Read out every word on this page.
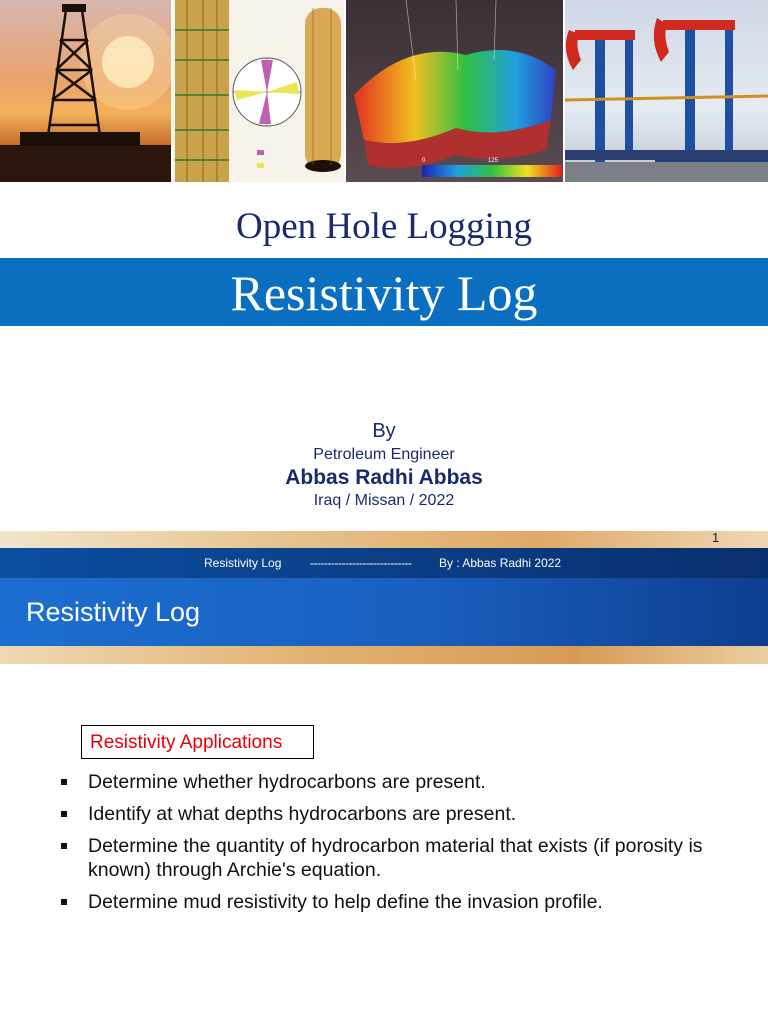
0	125
Open Hole Logging
Resistivity Log
By
Petroleum Engineer
Abbas Radhi Abbas
Iraq / Missan / 2022
1
Resistivity Log ----------------------------- By : Abbas Radhi 2022
Resistivity Log
Resistivity Applications
Determine whether hydrocarbons are present.
Identify at what depths hydrocarbons are present.
Determine the quantity of hydrocarbon material that exists (if porosity is known) through Archie's equation.
Determine mud resistivity to help define the invasion profile.
